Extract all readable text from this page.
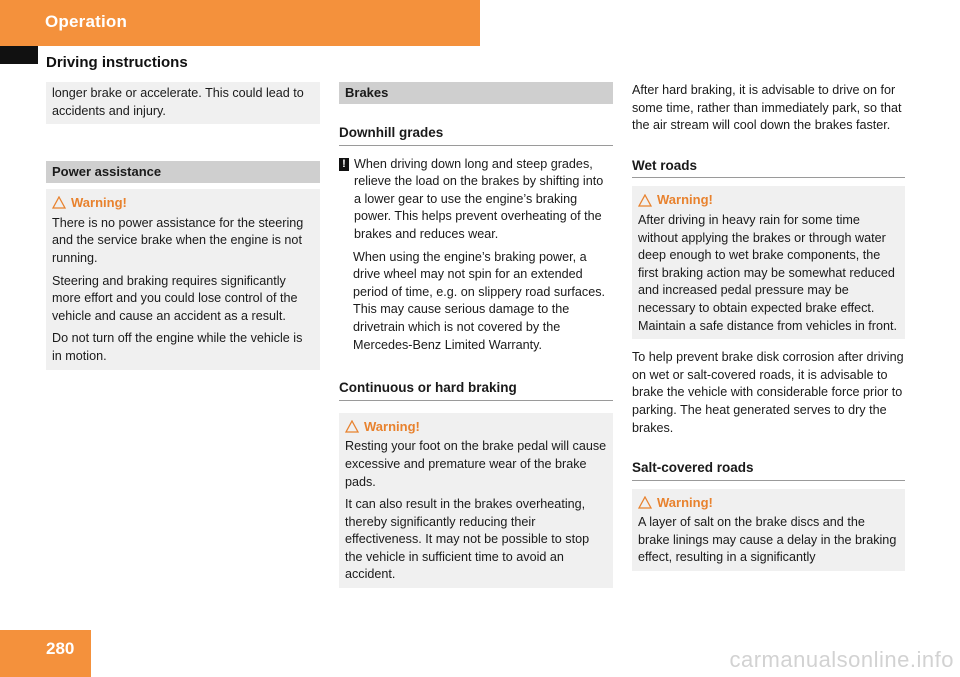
Operation
Driving instructions

longer brake or accelerate. This could lead to accidents and injury.

Power assistance
Warning!

There is no power assistance for the steering and the service brake when the engine is not running.

Steering and braking requires significantly more effort and you could lose control of the vehicle and cause an accident as a result.

Do not turn off the engine while the vehicle is in motion.

Brakes
Downhill grades
! When driving down long and steep grades, relieve the load on the brakes by shifting into a lower gear to use the engine’s braking power. This helps prevent overheating of the brakes and reduces wear.

When using the engine’s braking power, a drive wheel may not spin for an extended period of time, e.g. on slippery road surfaces. This may cause serious damage to the drivetrain which is not covered by the Mercedes-Benz Limited Warranty.

Continuous or hard braking
Warning!

Resting your foot on the brake pedal will cause excessive and premature wear of the brake pads.

It can also result in the brakes overheating, thereby significantly reducing their effectiveness. It may not be possible to stop the vehicle in sufficient time to avoid an accident.

After hard braking, it is advisable to drive on for some time, rather than immediately park, so that the air stream will cool down the brakes faster.

Wet roads
Warning!

After driving in heavy rain for some time without applying the brakes or through water deep enough to wet brake components, the first braking action may be somewhat reduced and increased pedal pressure may be necessary to obtain expected brake effect. Maintain a safe distance from vehicles in front.

To help prevent brake disk corrosion after driving on wet or salt-covered roads, it is advisable to brake the vehicle with considerable force prior to parking. The heat generated serves to dry the brakes.

Salt-covered roads
Warning!

A layer of salt on the brake discs and the brake linings may cause a delay in the braking effect, resulting in a significantly

280	carmanualsonline.info
